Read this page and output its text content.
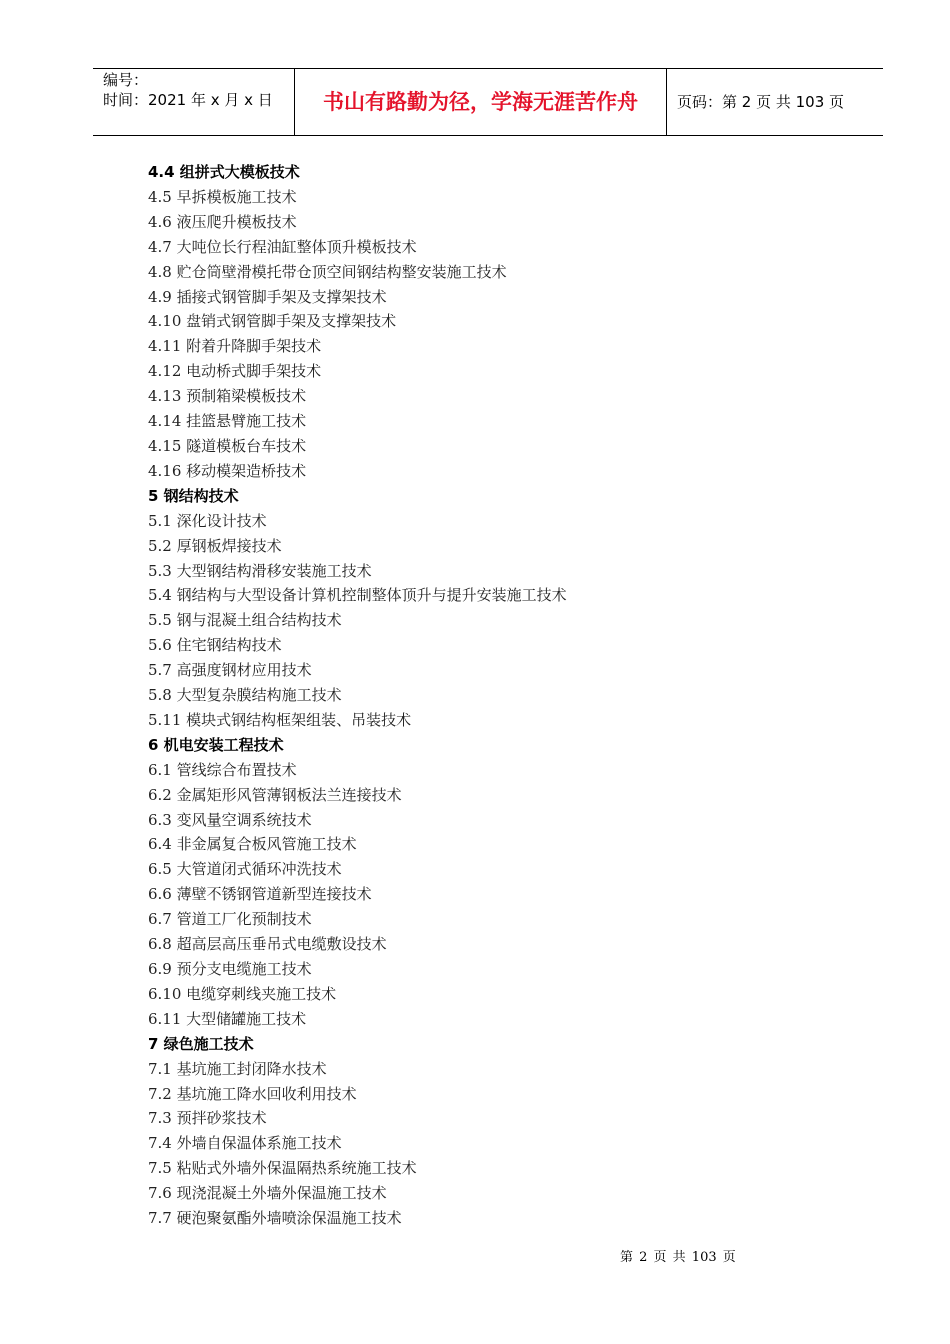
编号：
时间：2021 年 x 月 x 日	书山有路勤为径，学海无涯苦作舟	页码：第 2 页 共 103 页
4.4 组拼式大模板技术
4.5 早拆模板施工技术
4.6 液压爬升模板技术
4.7 大吨位长行程油缸整体顶升模板技术
4.8 贮仓筒壁滑模托带仓顶空间钢结构整安装施工技术
4.9 插接式钢管脚手架及支撑架技术
4.10 盘销式钢管脚手架及支撑架技术
4.11 附着升降脚手架技术
4.12 电动桥式脚手架技术
4.13 预制箱梁模板技术
4.14 挂篮悬臂施工技术
4.15 隧道模板台车技术
4.16 移动模架造桥技术
5 钢结构技术
5.1 深化设计技术
5.2 厚钢板焊接技术
5.3 大型钢结构滑移安装施工技术
5.4 钢结构与大型设备计算机控制整体顶升与提升安装施工技术
5.5 钢与混凝土组合结构技术
5.6 住宅钢结构技术
5.7 高强度钢材应用技术
5.8 大型复杂膜结构施工技术
5.11 模块式钢结构框架组装、吊装技术
6 机电安装工程技术
6.1 管线综合布置技术
6.2 金属矩形风管薄钢板法兰连接技术
6.3 变风量空调系统技术
6.4 非金属复合板风管施工技术
6.5 大管道闭式循环冲洗技术
6.6 薄壁不锈钢管道新型连接技术
6.7 管道工厂化预制技术
6.8 超高层高压垂吊式电缆敷设技术
6.9 预分支电缆施工技术
6.10 电缆穿刺线夹施工技术
6.11 大型储罐施工技术
7 绿色施工技术
7.1 基坑施工封闭降水技术
7.2 基坑施工降水回收利用技术
7.3 预拌砂浆技术
7.4 外墙自保温体系施工技术
7.5 粘贴式外墙外保温隔热系统施工技术
7.6 现浇混凝土外墙外保温施工技术
7.7 硬泡聚氨酯外墙喷涂保温施工技术
第 2 页 共 103 页
